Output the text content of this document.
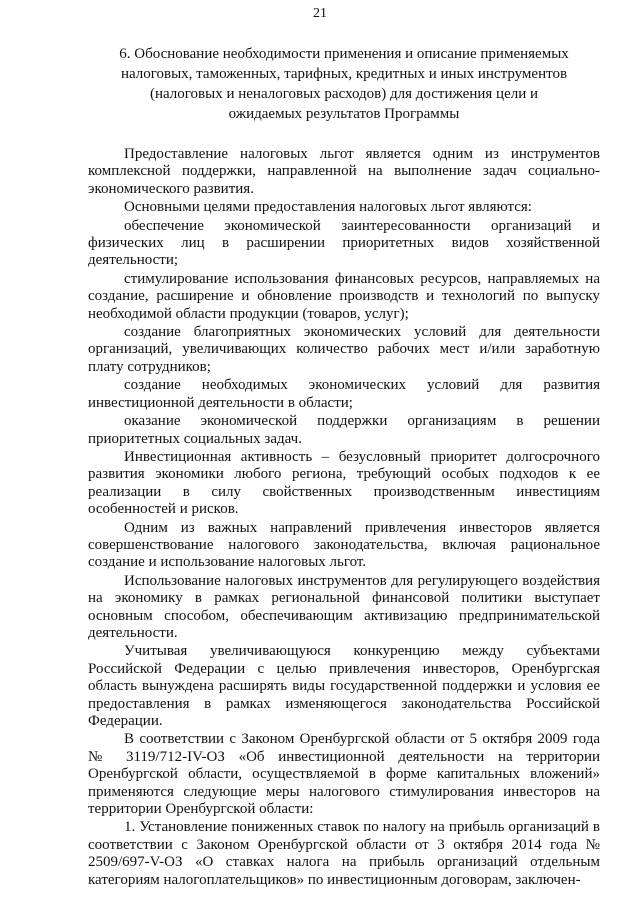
21
6. Обоснование необходимости применения и описание применяемых
налоговых, таможенных, тарифных, кредитных и иных инструментов
(налоговых и неналоговых расходов) для достижения цели и
ожидаемых результатов Программы

Предоставление налоговых льгот является одним из инструментов комплексной поддержки, направленной на выполнение задач социально-экономического развития.

Основными целями предоставления налоговых льгот являются:

обеспечение экономической заинтересованности организаций и физических лиц в расширении приоритетных видов хозяйственной деятельности;

стимулирование использования финансовых ресурсов, направляемых на создание, расширение и обновление производств и технологий по выпуску необходимой области продукции (товаров, услуг);

создание благоприятных экономических условий для деятельности организаций, увеличивающих количество рабочих мест и/или заработную плату сотрудников;

создание необходимых экономических условий для развития инвестиционной деятельности в области;

оказание экономической поддержки организациям в решении приоритетных социальных задач.

Инвестиционная активность – безусловный приоритет долгосрочного развития экономики любого региона, требующий особых подходов к ее реализации в силу свойственных производственным инвестициям особенностей и рисков.

Одним из важных направлений привлечения инвесторов является совершенствование налогового законодательства, включая рациональное создание и использование налоговых льгот.

Использование налоговых инструментов для регулирующего воздействия на экономику в рамках региональной финансовой политики выступает основным способом, обеспечивающим активизацию предпринимательской деятельности.

Учитывая увеличивающуюся конкуренцию между субъектами Российской Федерации с целью привлечения инвесторов, Оренбургская область вынуждена расширять виды государственной поддержки и условия ее предоставления в рамках изменяющегося законодательства Российской Федерации.

В соответствии с Законом Оренбургской области от 5 октября 2009 года № 3119/712-IV-ОЗ «Об инвестиционной деятельности на территории Оренбургской области, осуществляемой в форме капитальных вложений» применяются следующие меры налогового стимулирования инвесторов на территории Оренбургской области:

1. Установление пониженных ставок по налогу на прибыль организаций в соответствии с Законом Оренбургской области от 3 октября 2014 года № 2509/697-V-ОЗ «О ставках налога на прибыль организаций отдельным категориям налогоплательщиков» по инвестиционным договорам, заключен-
